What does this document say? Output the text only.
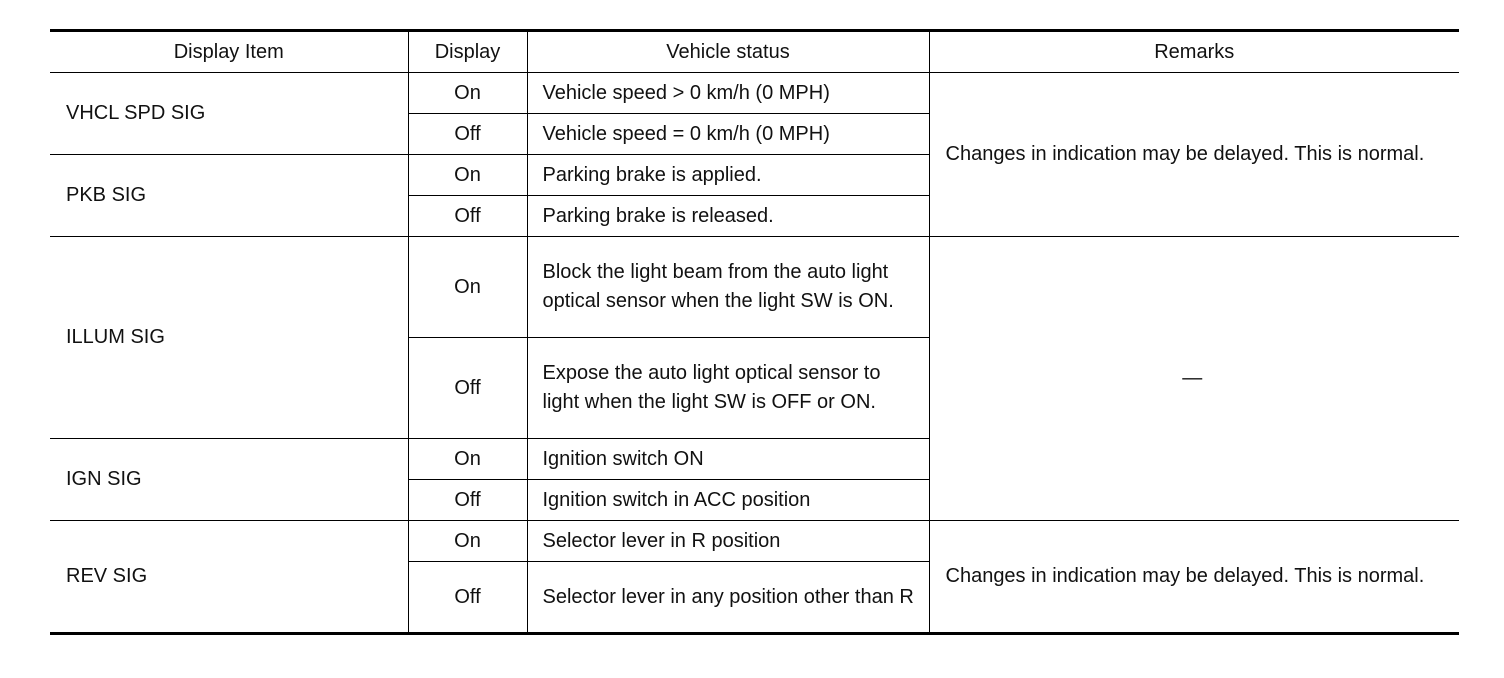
Display Item	Display	Vehicle status	Remarks
VHCL SPD SIG	On	Vehicle speed > 0 km/h (0 MPH)	Changes in indication may be delayed. This is normal.
	Off	Vehicle speed = 0 km/h (0 MPH)	
PKB SIG	On	Parking brake is applied.	
	Off	Parking brake is released.	
ILLUM SIG	On	Block the light beam from the auto light optical sensor when the light SW is ON.	—
	Off	Expose the auto light optical sensor to light when the light SW is OFF or ON.	
IGN SIG	On	Ignition switch ON	
	Off	Ignition switch in ACC position	
REV SIG	On	Selector lever in R position	Changes in indication may be delayed. This is normal.
	Off	Selector lever in any position other than R	
